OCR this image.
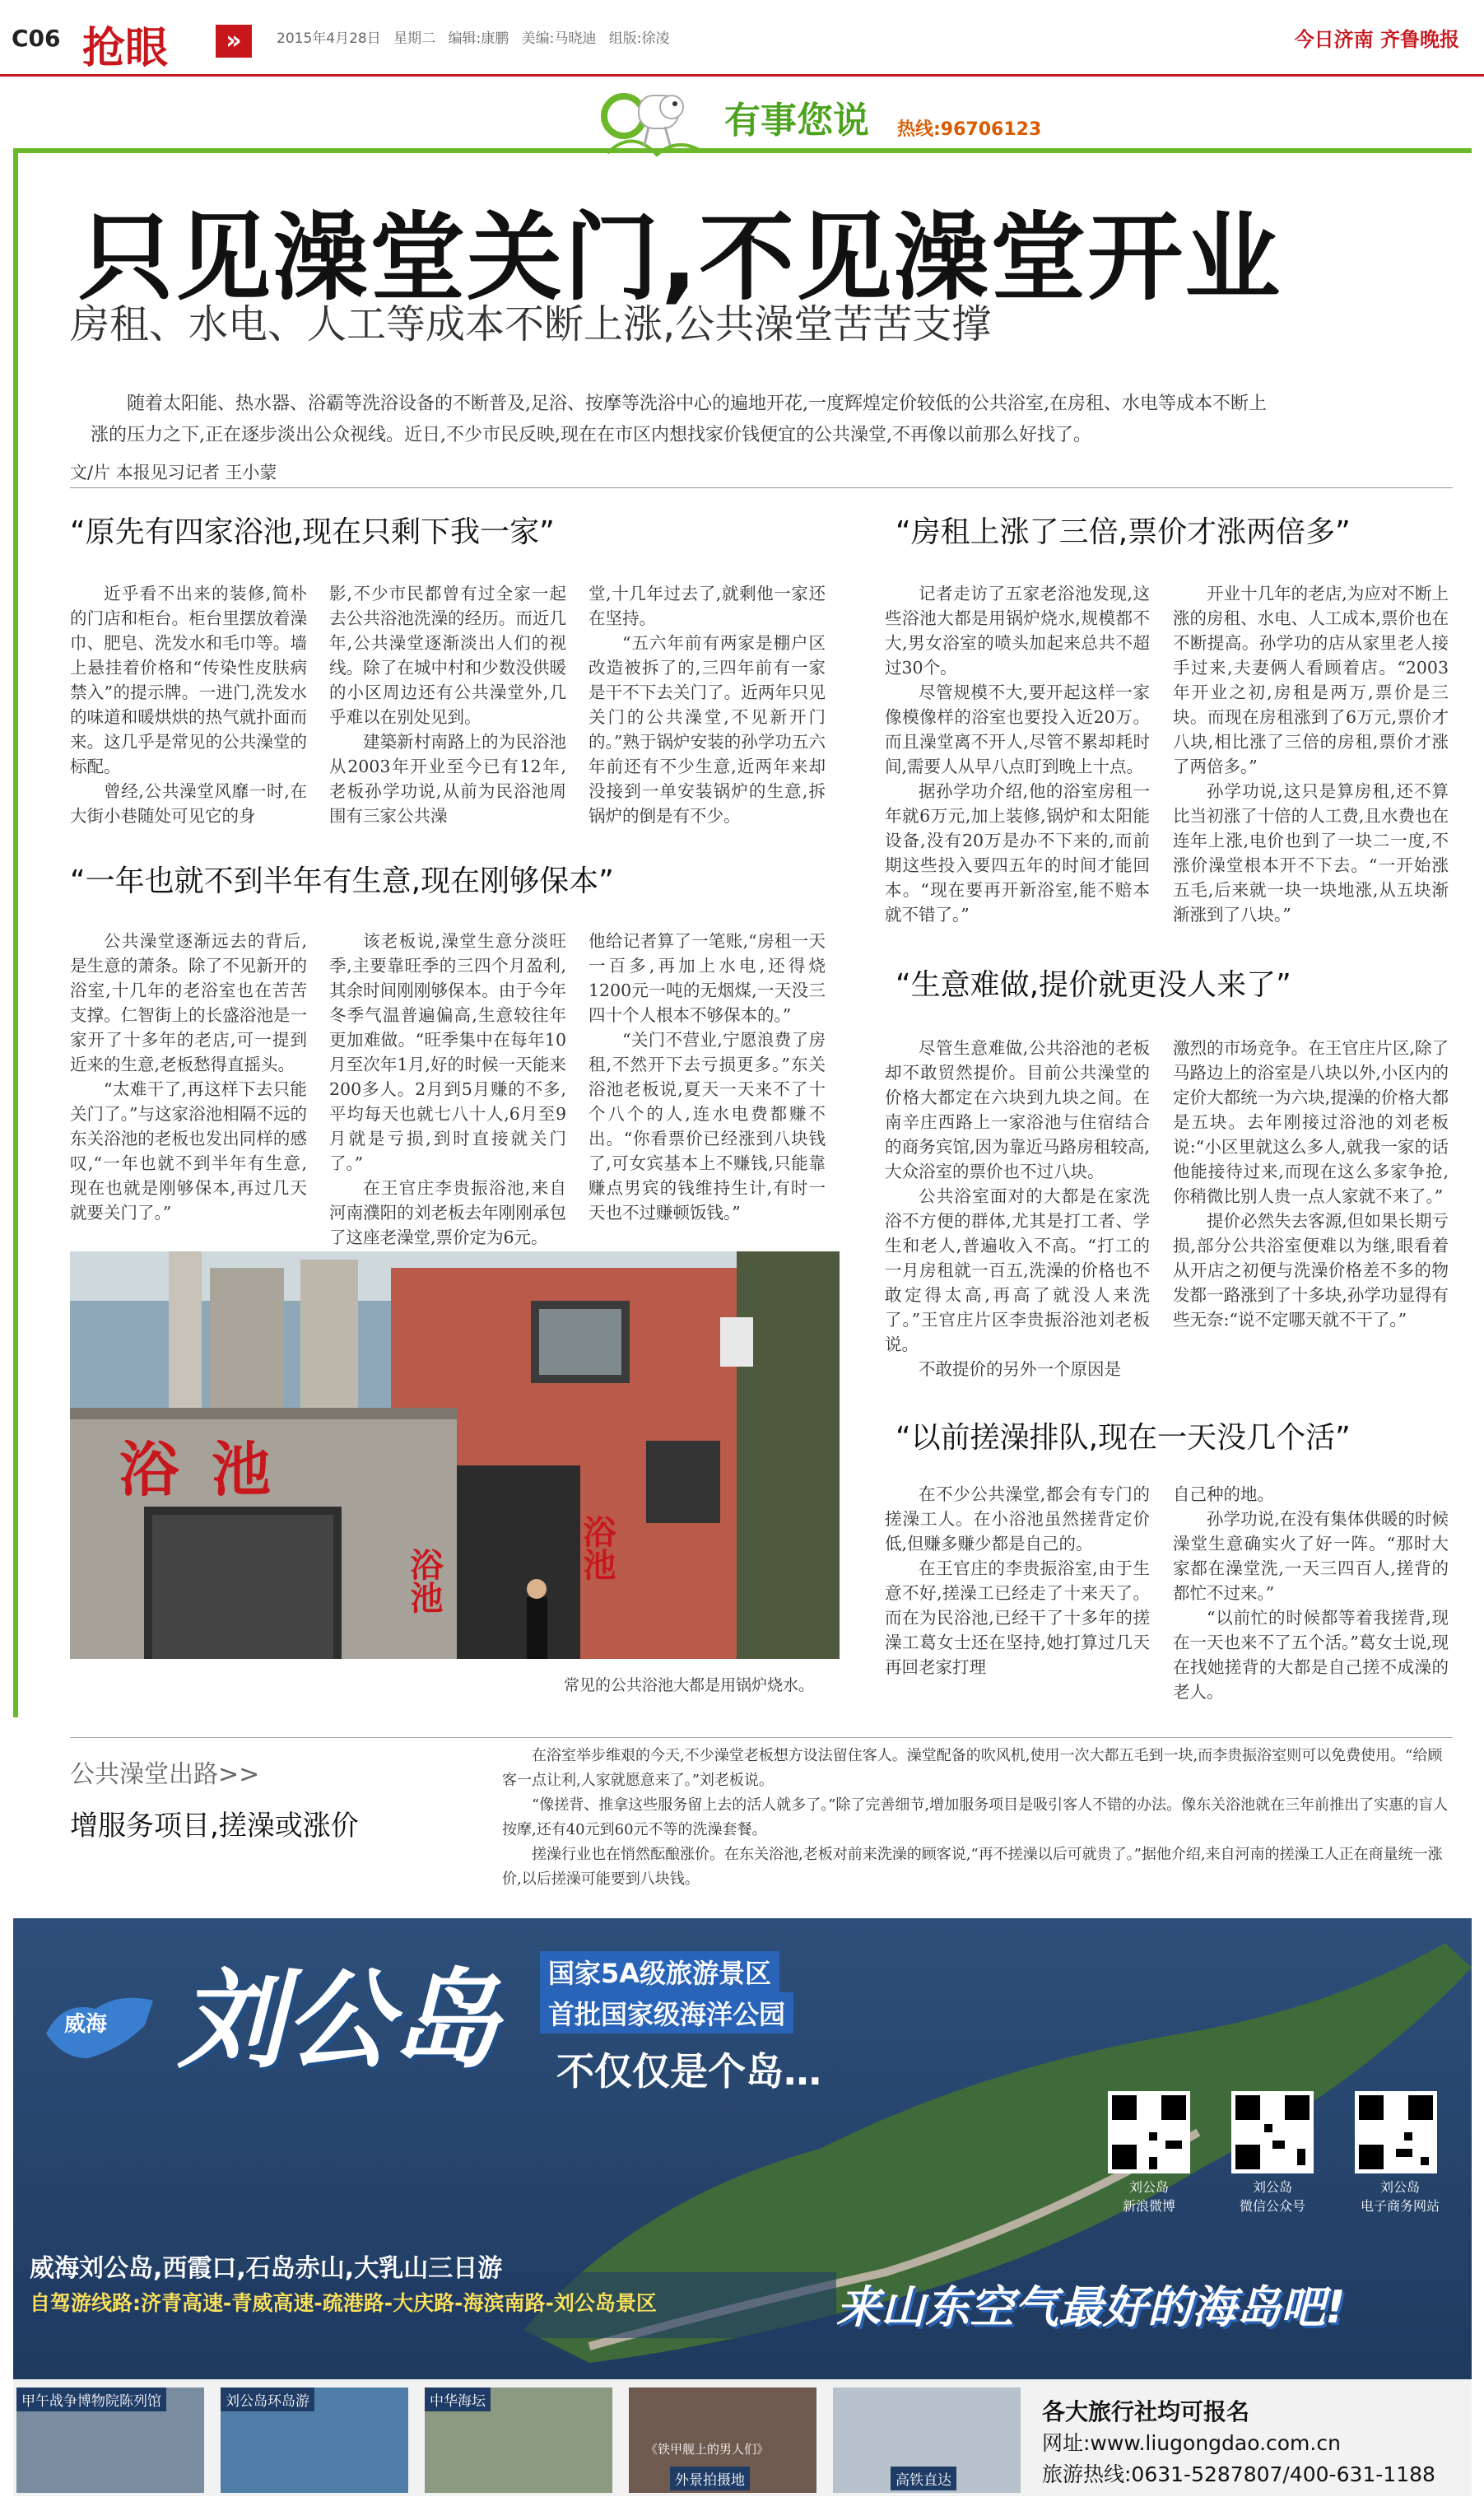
C06 抢眼	»	2015年4月28日 星期二 编辑:康鹏 美编:马晓迪 组版:徐凌	今日济南 齐鲁晚报
有事您说 热线:96706123
只见澡堂关门,不见澡堂开业
房租、水电、人工等成本不断上涨,公共澡堂苦苦支撑
随着太阳能、热水器、浴霸等洗浴设备的不断普及,足浴、按摩等洗浴中心的遍地开花,一度辉煌定价较低的公共浴室,在房租、水电等成本不断上涨的压力之下,正在逐步淡出公众视线。近日,不少市民反映,现在在市区内想找家价钱便宜的公共澡堂,不再像以前那么好找了。
文/片 本报见习记者 王小蒙
“原先有四家浴池,现在只剩下我一家”

近乎看不出来的装修,简朴的门店和柜台。柜台里摆放着澡巾、肥皂、洗发水和毛巾等。墙上悬挂着价格和“传染性皮肤病禁入”的提示牌。一进门,洗发水的味道和暖烘烘的热气就扑面而来。这几乎是常见的公共澡堂的标配。

曾经,公共澡堂风靡一时,在大街小巷随处可见它的身

影,不少市民都曾有过全家一起去公共浴池洗澡的经历。而近几年,公共澡堂逐渐淡出人们的视线。除了在城中村和少数没供暖的小区周边还有公共澡堂外,几乎难以在别处见到。

建築新村南路上的为民浴池从2003年开业至今已有12年,老板孙学功说,从前为民浴池周围有三家公共澡

堂,十几年过去了,就剩他一家还在坚持。

“五六年前有两家是棚户区改造被拆了的,三四年前有一家是干不下去关门了。近两年只见关门的公共澡堂,不见新开门的。”熟于锅炉安装的孙学功五六年前还有不少生意,近两年来却没接到一单安装锅炉的生意,拆锅炉的倒是有不少。

“一年也就不到半年有生意,现在刚够保本”

公共澡堂逐渐远去的背后,是生意的萧条。除了不见新开的浴室,十几年的老浴室也在苦苦支撑。仁智街上的长盛浴池是一家开了十多年的老店,可一提到近来的生意,老板愁得直摇头。

“太难干了,再这样下去只能关门了。”与这家浴池相隔不远的东关浴池的老板也发出同样的感叹,“一年也就不到半年有生意,现在也就是刚够保本,再过几天就要关门了。”

该老板说,澡堂生意分淡旺季,主要靠旺季的三四个月盈利,其余时间刚刚够保本。由于今年冬季气温普遍偏高,生意较往年更加难做。“旺季集中在每年10月至次年1月,好的时候一天能来200多人。2月到5月赚的不多,平均每天也就七八十人,6月至9月就是亏损,到时直接就关门了。”

在王官庄李贵振浴池,来自河南濮阳的刘老板去年刚刚承包了这座老澡堂,票价定为6元。

他给记者算了一笔账,“房租一天一百多,再加上水电,还得烧1200元一吨的无烟煤,一天没三四十个人根本不够保本的。”

“关门不营业,宁愿浪费了房租,不然开下去亏损更多。”东关浴池老板说,夏天一天来不了十个八个的人,连水电费都赚不出。“你看票价已经涨到八块钱了,可女宾基本上不赚钱,只能靠赚点男宾的钱维持生计,有时一天也不过赚顿饭钱。”

浴池
浴池	浴池
常见的公共浴池大都是用锅炉烧水。
“房租上涨了三倍,票价才涨两倍多”

记者走访了五家老浴池发现,这些浴池大都是用锅炉烧水,规模都不大,男女浴室的喷头加起来总共不超过30个。

尽管规模不大,要开起这样一家像模像样的浴室也要投入近20万。而且澡堂离不开人,尽管不累却耗时间,需要人从早八点盯到晚上十点。

据孙学功介绍,他的浴室房租一年就6万元,加上装修,锅炉和太阳能设备,没有20万是办不下来的,而前期这些投入要四五年的时间才能回本。“现在要再开新浴室,能不赔本就不错了。”

开业十几年的老店,为应对不断上涨的房租、水电、人工成本,票价也在不断提高。孙学功的店从家里老人接手过来,夫妻俩人看顾着店。“2003年开业之初,房租是两万,票价是三块。而现在房租涨到了6万元,票价才八块,相比涨了三倍的房租,票价才涨了两倍多。”

孙学功说,这只是算房租,还不算比当初涨了十倍的人工费,且水费也在连年上涨,电价也到了一块二一度,不涨价澡堂根本开不下去。“一开始涨五毛,后来就一块一块地涨,从五块渐渐涨到了八块。”

“生意难做,提价就更没人来了”

尽管生意难做,公共浴池的老板却不敢贸然提价。目前公共澡堂的价格大都定在六块到九块之间。在南辛庄西路上一家浴池与住宿结合的商务宾馆,因为靠近马路房租较高,大众浴室的票价也不过八块。

公共浴室面对的大都是在家洗浴不方便的群体,尤其是打工者、学生和老人,普遍收入不高。“打工的一月房租就一百五,洗澡的价格也不敢定得太高,再高了就没人来洗了。”王官庄片区李贵振浴池刘老板说。

不敢提价的另外一个原因是

激烈的市场竞争。在王官庄片区,除了马路边上的浴室是八块以外,小区内的定价大都统一为六块,提澡的价格大都是五块。去年刚接过浴池的刘老板说:“小区里就这么多人,就我一家的话他能接待过来,而现在这么多家争抢,你稍微比别人贵一点人家就不来了。”

提价必然失去客源,但如果长期亏损,部分公共浴室便难以为继,眼看着从开店之初便与洗澡价格差不多的物发都一路涨到了十多块,孙学功显得有些无奈:“说不定哪天就不干了。”

“以前搓澡排队,现在一天没几个活”

在不少公共澡堂,都会有专门的搓澡工人。在小浴池虽然搓背定价低,但赚多赚少都是自己的。

在王官庄的李贵振浴室,由于生意不好,搓澡工已经走了十来天了。而在为民浴池,已经干了十多年的搓澡工葛女士还在坚持,她打算过几天再回老家打理

自己种的地。

孙学功说,在没有集体供暖的时候澡堂生意确实火了好一阵。“那时大家都在澡堂洗,一天三四百人,搓背的都忙不过来。”

“以前忙的时候都等着我搓背,现在一天也来不了五个活。”葛女士说,现在找她搓背的大都是自己搓不成澡的老人。

公共澡堂出路>>
增服务项目,搓澡或涨价

在浴室举步维艰的今天,不少澡堂老板想方设法留住客人。澡堂配备的吹风机,使用一次大都五毛到一块,而李贵振浴室则可以免费使用。“给顾客一点让利,人家就愿意来了。”刘老板说。

“像搓背、推拿这些服务留上去的活人就多了。”除了完善细节,增加服务项目是吸引客人不错的办法。像东关浴池就在三年前推出了实惠的盲人按摩,还有40元到60元不等的洗澡套餐。

搓澡行业也在悄然酝酿涨价。在东关浴池,老板对前来洗澡的顾客说,“再不搓澡以后可就贵了。”据他介绍,来自河南的搓澡工人正在商量统一涨价,以后搓澡可能要到八块钱。

威海 刘公岛	国家5A级旅游景区
首批国家级海洋公园
不仅仅是个岛…
刘公岛
新浪微博
刘公岛
微信公众号
刘公岛
电子商务网站
威海刘公岛,西霞口,石岛赤山,大乳山三日游
自驾游线路:济青高速-青威高速-疏港路-大庆路-海滨南路-刘公岛景区	来山东空气最好的海岛吧!
甲午战争博物院陈列馆	刘公岛环岛游	中华海坛
《铁甲舰上的男人们》
外景拍摄地	高铁直达
各大旅行社均可报名
网址:www.liugongdao.com.cn
旅游热线:0631-5287807/400-631-1188
